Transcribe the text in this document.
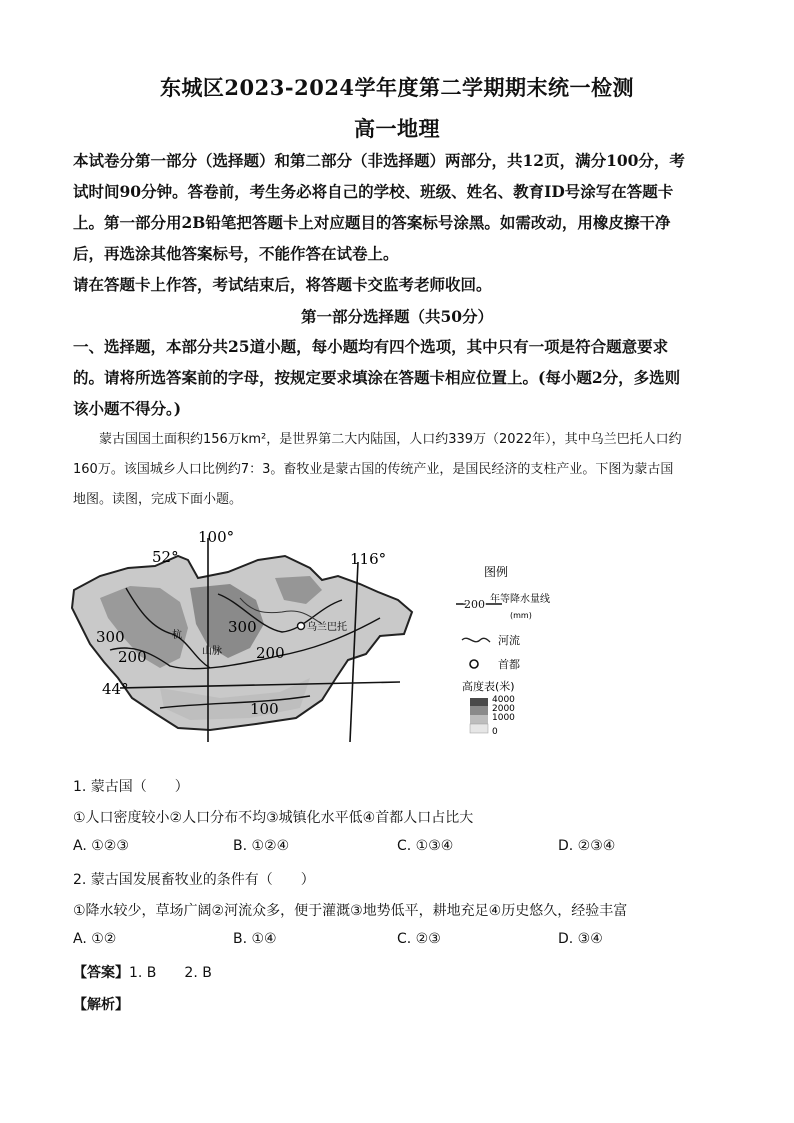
东城区2023-2024学年度第二学期期末统一检测
高一地理
本试卷分第一部分（选择题）和第二部分（非选择题）两部分，共12页，满分100分，考
试时间90分钟。答卷前，考生务必将自己的学校、班级、姓名、教育ID号涂写在答题卡
上。第一部分用2B铅笔把答题卡上对应题目的答案标号涂黑。如需改动，用橡皮擦干净
后，再选涂其他答案标号，不能作答在试卷上。
请在答题卡上作答，考试结束后，将答题卡交监考老师收回。
第一部分选择题（共50分）
一、选择题，本部分共25道小题，每小题均有四个选项，其中只有一项是符合题意要求
的。请将所选答案前的字母，按规定要求填涂在答题卡相应位置上。(每小题2分，多选则
该小题不得分。)
蒙古国国土面积约156万km²，是世界第二大内陆国，人口约339万（2022年），其中乌兰巴托人口约
160万。该国城乡人口比例约7：3。畜牧业是蒙古国的传统产业，是国民经济的支柱产业。下图为蒙古国
地图。读图，完成下面小题。
100°
116°
52°
44°
300
300
200	200
100
乌兰巴托
山脉
杭
图例
200 年等降水量线
(mm)
河流
首都
高度表(米)
4000
2000
1000
0
1. 蒙古国（　　）
①人口密度较小②人口分布不均③城镇化水平低④首都人口占比大
A. ①②③	B. ①②④	C. ①③④	D. ②③④
2. 蒙古国发展畜牧业的条件有（　　）
①降水较少，草场广阔②河流众多，便于灌溉③地势低平，耕地充足④历史悠久，经验丰富
A. ①②	B. ①④	C. ②③	D. ③④
【答案】1. B　　2. B
【解析】
